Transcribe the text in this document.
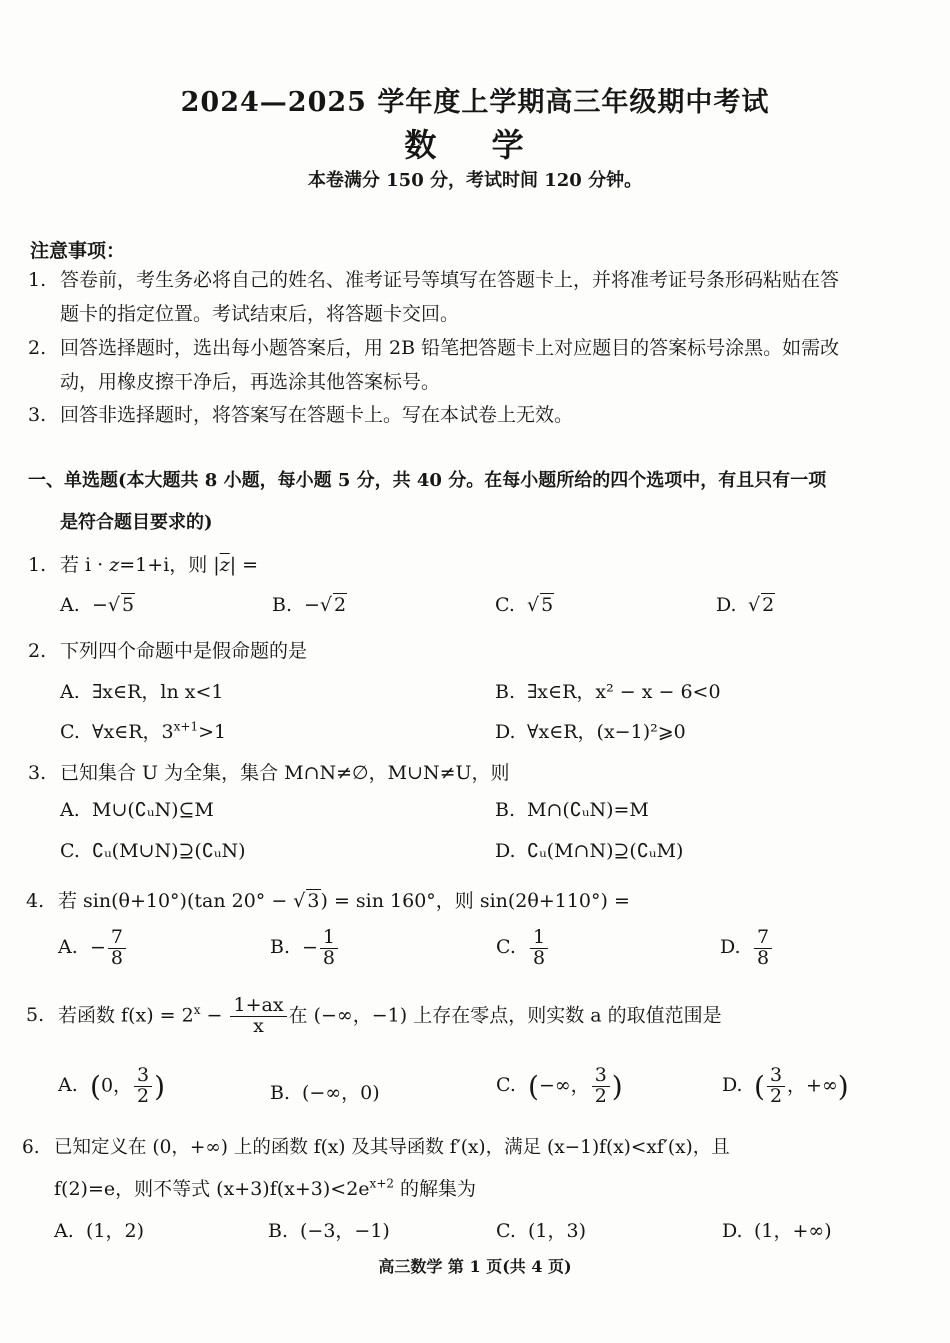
2024—2025 学年度上学期高三年级期中考试
数 学
本卷满分 150 分，考试时间 120 分钟。
注意事项：
1. 答卷前，考生务必将自己的姓名、准考证号等填写在答题卡上，并将准考证号条形码粘贴在答
题卡的指定位置。考试结束后，将答题卡交回。
2. 回答选择题时，选出每小题答案后，用 2B 铅笔把答题卡上对应题目的答案标号涂黑。如需改
动，用橡皮擦干净后，再选涂其他答案标号。
3. 回答非选择题时，将答案写在答题卡上。写在本试卷上无效。
一、单选题(本大题共 8 小题，每小题 5 分，共 40 分。在每小题所给的四个选项中，有且只有一项
是符合题目要求的)
1. 若 i · z=1+i，则 $|\overline{z}|$ =
A. −√ 5	B. −√ 2	C. √ 5	D. √ 2
2. 下列四个命题中是假命题的是
A. ∃x∈R，ln x<1	B. ∃x∈R，x² − x − 6<0
C. ∀x∈R，$3^{x+1}>1$	D. ∀x∈R，(x−1)²⩾0
3. 已知集合 U 为全集，集合 M∩N≠∅，M∪N≠U，则
A. M∪(∁ᵤN)⊆M	B. M∩(∁ᵤN)=M
C. ∁ᵤ(M∪N)⊇(∁ᵤN)	D. ∁ᵤ(M∩N)⊇(∁ᵤM)
4. 若 sin(θ+10°)(tan 20° − √ 3) = sin 160°，则 sin(2θ+110°) =
A. − $\frac{7}{8}$	B. − $\frac{1}{8}$	C. $\frac{1}{8}$	D. $\frac{7}{8}$
5. 若函数 $f(x) = 2^x - \frac{1+ax}{x}$ 在 (−∞，−1) 上存在零点，则实数 a 的取值范围是
A. (0， $\frac{3}{2}$ )	B. (−∞，0)	C. (−∞， $\frac{3}{2}$ )	D. ( $\frac{3}{2}$ ，+∞)
6. 已知定义在 (0，+∞) 上的函数 f(x) 及其导函数 f′(x)，满足 (x−1)f(x)<xf′(x)，且
f(2)=e，则不等式 $(x+3)f(x+3)<2e^{x+2}$ 的解集为
A. (1，2)	B. (−3，−1)	C. (1，3)	D. (1，+∞)
高三数学 第 1 页(共 4 页)
